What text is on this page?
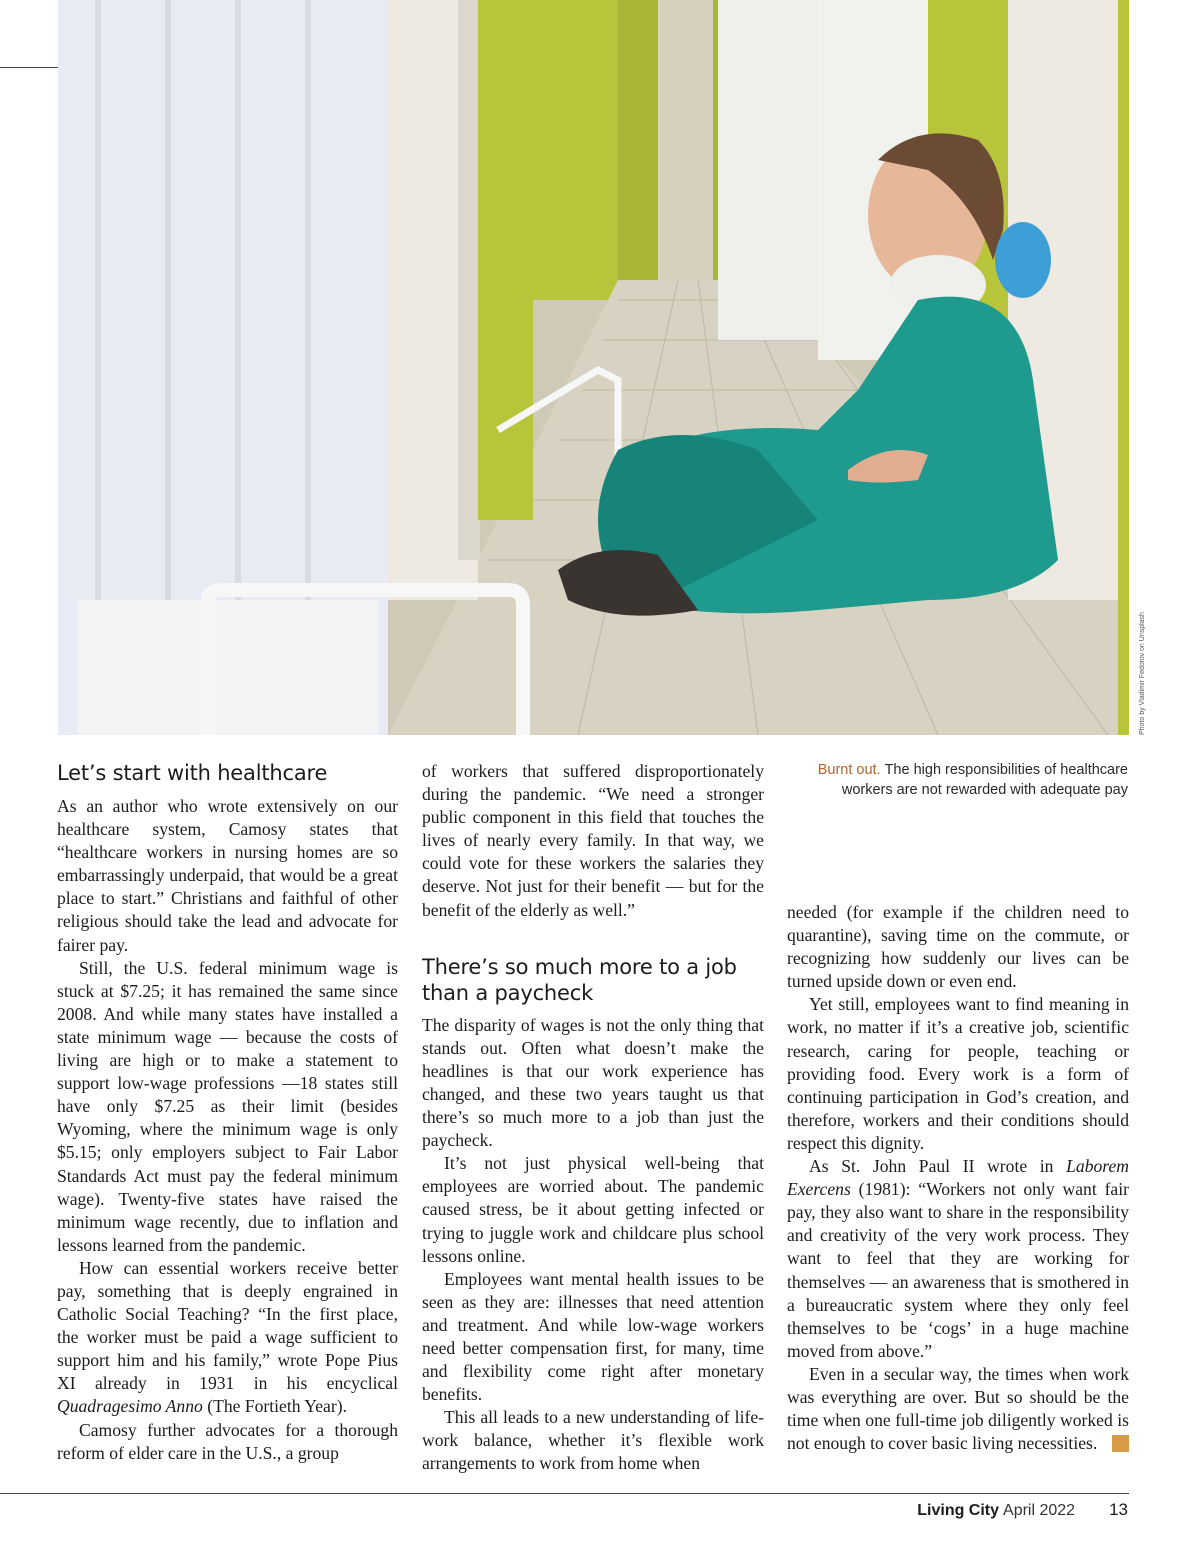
Photo by Vladimir Fedotov on Unsplash
Burnt out. The high responsibilities of healthcare workers are not rewarded with adequate pay
Let’s start with healthcare

As an author who wrote extensively on our healthcare system, Camosy states that “healthcare workers in nursing homes are so embarrassingly underpaid, that would be a great place to start.” Christians and faithful of other religious should take the lead and advocate for fairer pay.

Still, the U.S. federal minimum wage is stuck at $7.25; it has remained the same since 2008. And while many states have installed a state minimum wage — because the costs of living are high or to make a statement to support low-wage professions —18 states still have only $7.25 as their limit (besides Wyoming, where the minimum wage is only $5.15; only employers subject to Fair Labor Standards Act must pay the federal minimum wage). Twenty-five states have raised the minimum wage recently, due to inflation and lessons learned from the pandemic.

How can essential workers receive better pay, something that is deeply engrained in Catholic Social Teaching? “In the first place, the worker must be paid a wage sufficient to support him and his family,” wrote Pope Pius XI already in 1931 in his encyclical Quadragesimo Anno (The Fortieth Year).

Camosy further advocates for a thorough reform of elder care in the U.S., a group

of workers that suffered disproportionately during the pandemic. “We need a stronger public component in this field that touches the lives of nearly every family. In that way, we could vote for these workers the salaries they deserve. Not just for their benefit — but for the benefit of the elderly as well.”

There’s so much more to a job than a paycheck

The disparity of wages is not the only thing that stands out. Often what doesn’t make the headlines is that our work experience has changed, and these two years taught us that there’s so much more to a job than just the paycheck.

It’s not just physical well-being that employees are worried about. The pandemic caused stress, be it about getting infected or trying to juggle work and childcare plus school lessons online.

Employees want mental health issues to be seen as they are: illnesses that need attention and treatment. And while low-wage workers need better compensation first, for many, time and flexibility come right after monetary benefits.

This all leads to a new understanding of life-work balance, whether it’s flexible work arrangements to work from home when

needed (for example if the children need to quarantine), saving time on the commute, or recognizing how suddenly our lives can be turned upside down or even end.

Yet still, employees want to find meaning in work, no matter if it’s a creative job, scientific research, caring for people, teaching or providing food. Every work is a form of continuing participation in God’s creation, and therefore, workers and their conditions should respect this dignity.

As St. John Paul II wrote in Laborem Exercens (1981): “Workers not only want fair pay, they also want to share in the responsibility and creativity of the very work process. They want to feel that they are working for themselves — an awareness that is smothered in a bureaucratic system where they only feel themselves to be ‘cogs’ in a huge machine moved from above.”

Even in a secular way, the times when work was everything are over. But so should be the time when one full-time job diligently worked is not enough to cover basic living necessities.	LC

Living City April 2022 13
